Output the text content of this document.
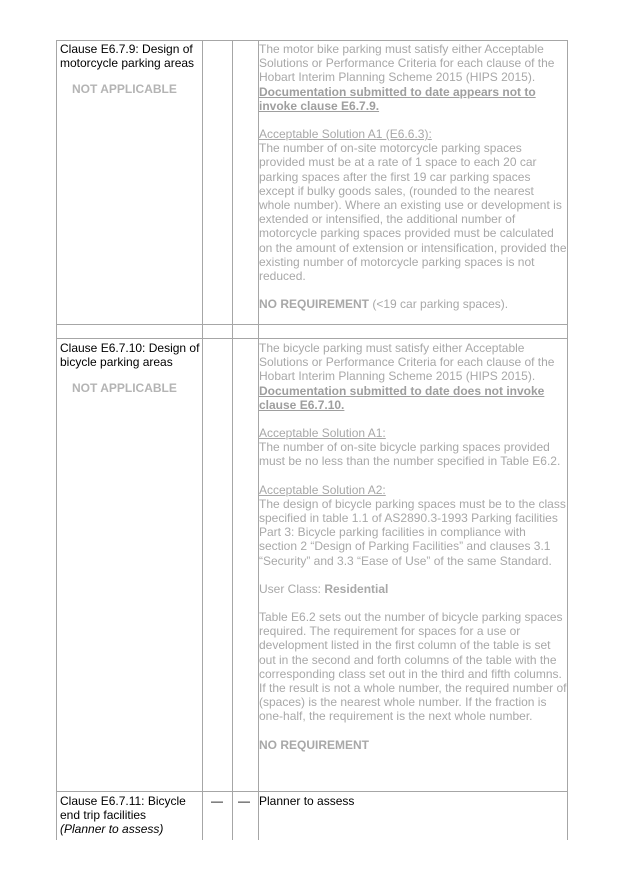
Clause E6.7.9: Design of motorcycle parking areas
NOT APPLICABLE

The motor bike parking must satisfy either Acceptable Solutions or Performance Criteria for each clause of the Hobart Interim Planning Scheme 2015 (HIPS 2015).

Documentation submitted to date appears not to invoke clause E6.7.9.

Acceptable Solution A1 (E6.6.3):

The number of on-site motorcycle parking spaces provided must be at a rate of 1 space to each 20 car parking spaces after the first 19 car parking spaces except if bulky goods sales, (rounded to the nearest whole number). Where an existing use or development is extended or intensified, the additional number of motorcycle parking spaces provided must be calculated on the amount of extension or intensification, provided the existing number of motorcycle parking spaces is not reduced.

NO REQUIREMENT (<19 car parking spaces).

Clause E6.7.10: Design of bicycle parking areas
NOT APPLICABLE

The bicycle parking must satisfy either Acceptable Solutions or Performance Criteria for each clause of the Hobart Interim Planning Scheme 2015 (HIPS 2015).

Documentation submitted to date does not invoke clause E6.7.10.

Acceptable Solution A1:

The number of on-site bicycle parking spaces provided must be no less than the number specified in Table E6.2.

Acceptable Solution A2:

The design of bicycle parking spaces must be to the class specified in table 1.1 of AS2890.3-1993 Parking facilities Part 3: Bicycle parking facilities in compliance with section 2 “Design of Parking Facilities” and clauses 3.1 “Security” and 3.3 “Ease of Use” of the same Standard.

User Class: Residential

Table E6.2 sets out the number of bicycle parking spaces required. The requirement for spaces for a use or development listed in the first column of the table is set out in the second and forth columns of the table with the corresponding class set out in the third and fifth columns. If the result is not a whole number, the required number of (spaces) is the nearest whole number. If the fraction is one-half, the requirement is the next whole number.

NO REQUIREMENT

Clause E6.7.11: Bicycle end trip facilities
(Planner to assess)
—	— Planner to assess
